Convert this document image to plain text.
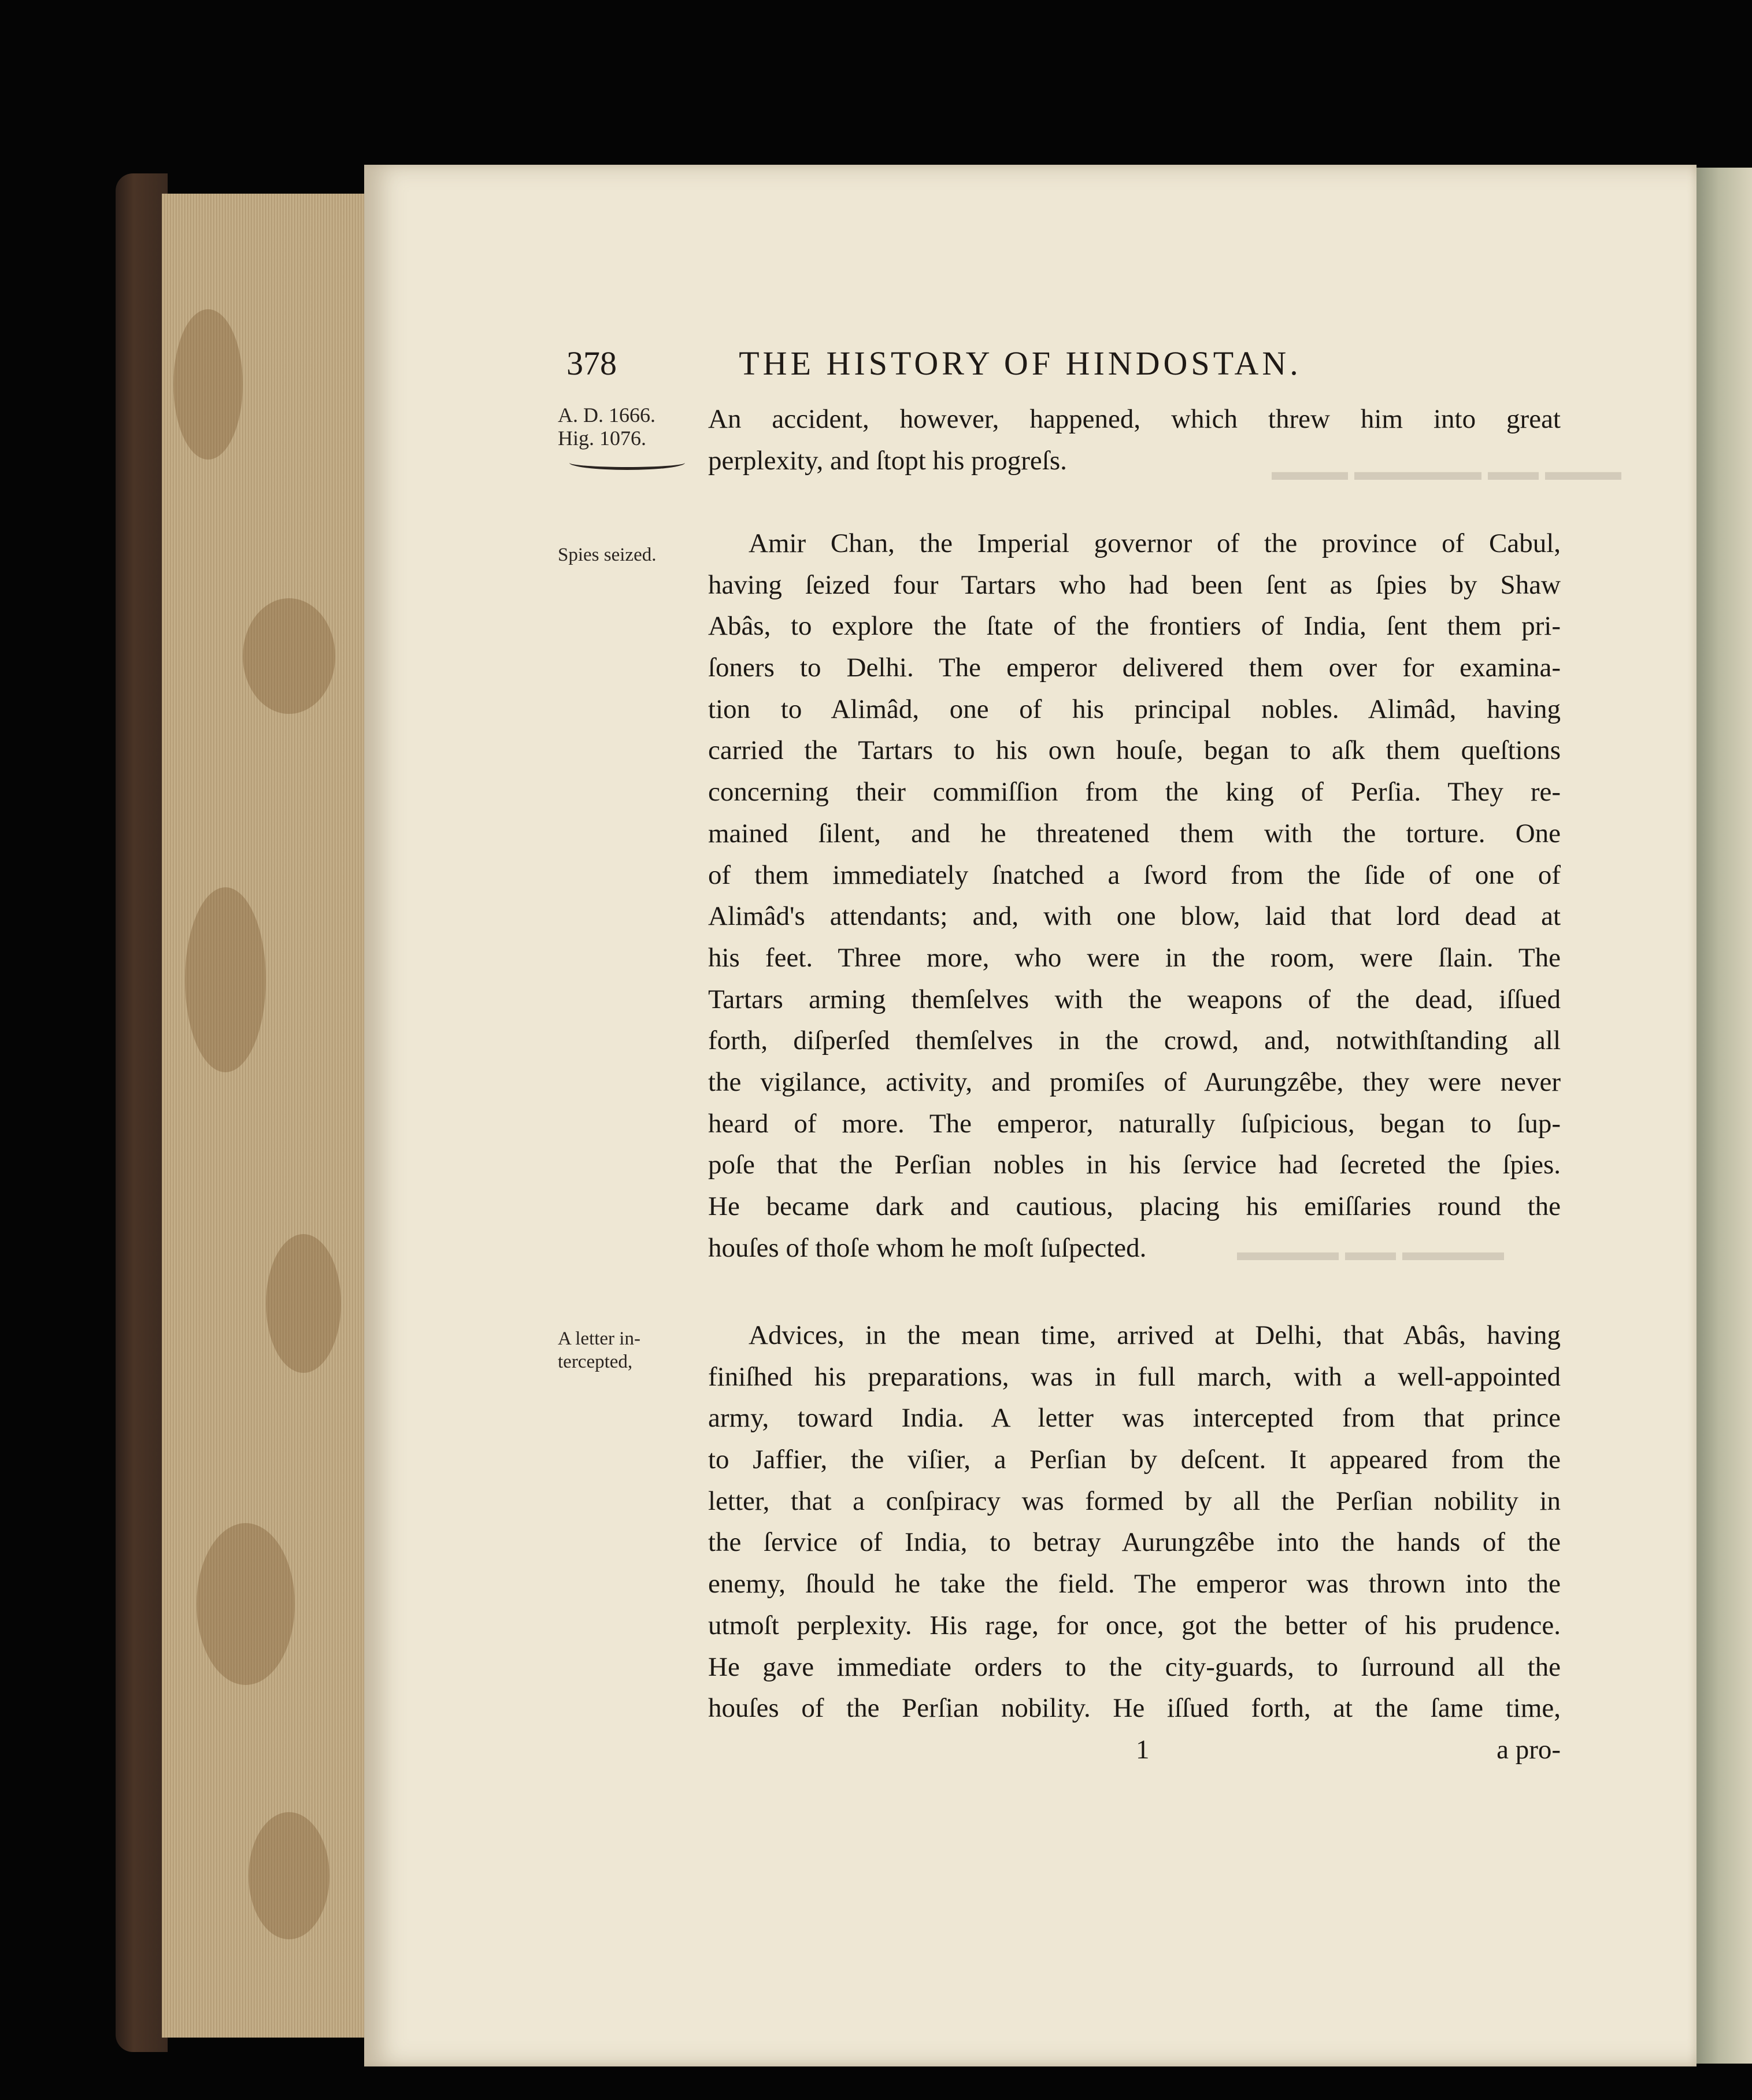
▬▬▬ ▬▬ ▬▬▬▬▬ ▬▬▬
▬▬▬▬ ▬▬ ▬▬▬▬
378	THE HISTORY OF HINDOSTAN.
A. D. 1666.
Hig. 1076.
Spies seized.
A letter in-
tercepted,
An accident, however, happened, which threw him into great
perplexity, and ſtopt his progreſs.
Amir Chan, the Imperial governor of the province of Cabul,
having ſeized four Tartars who had been ſent as ſpies by Shaw
Abâs, to explore the ſtate of the frontiers of India, ſent them pri-
ſoners to Delhi. The emperor delivered them over for examina-
tion to Alimâd, one of his principal nobles. Alimâd, having
carried the Tartars to his own houſe, began to aſk them queſtions
concerning their commiſſion from the king of Perſia. They re-
mained ſilent, and he threatened them with the torture. One
of them immediately ſnatched a ſword from the ſide of one of
Alimâd's attendants; and, with one blow, laid that lord dead at
his feet. Three more, who were in the room, were ſlain. The
Tartars arming themſelves with the weapons of the dead, iſſued
forth, diſperſed themſelves in the crowd, and, notwithſtanding all
the vigilance, activity, and promiſes of Aurungzêbe, they were never
heard of more. The emperor, naturally ſuſpicious, began to ſup-
poſe that the Perſian nobles in his ſervice had ſecreted the ſpies.
He became dark and cautious, placing his emiſſaries round the
houſes of thoſe whom he moſt ſuſpected.
Advices, in the mean time, arrived at Delhi, that Abâs, having
finiſhed his preparations, was in full march, with a well-appointed
army, toward India. A letter was intercepted from that prince
to Jaffier, the viſier, a Perſian by deſcent. It appeared from the
letter, that a conſpiracy was formed by all the Perſian nobility in
the ſervice of India, to betray Aurungzêbe into the hands of the
enemy, ſhould he take the field. The emperor was thrown into the
utmoſt perplexity. His rage, for once, got the better of his prudence.
He gave immediate orders to the city-guards, to ſurround all the
houſes of the Perſian nobility. He iſſued forth, at the ſame time,
1	a pro-
